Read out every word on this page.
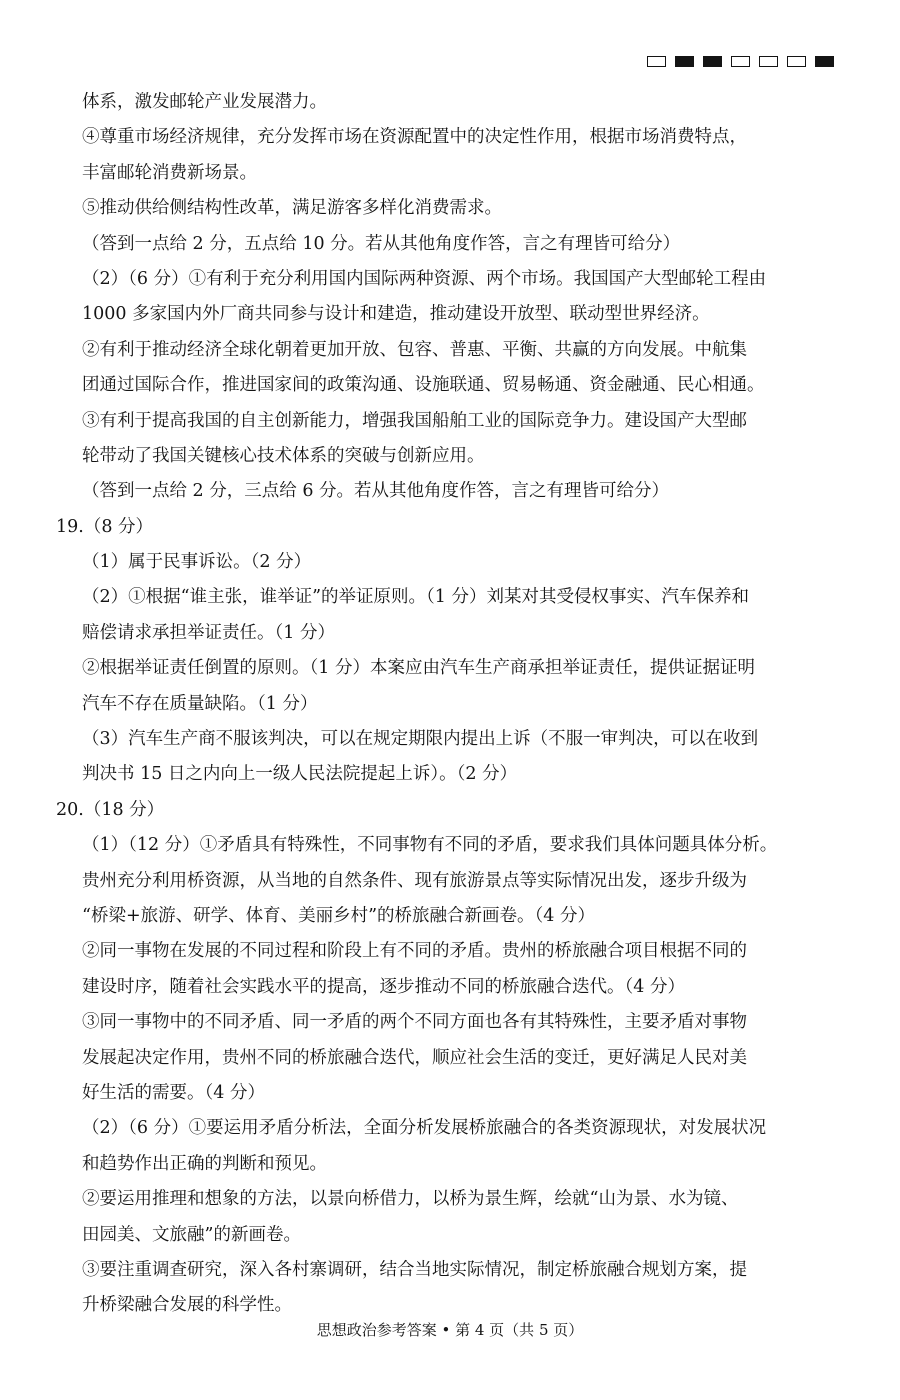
体系，激发邮轮产业发展潜力。
④尊重市场经济规律，充分发挥市场在资源配置中的决定性作用，根据市场消费特点，
丰富邮轮消费新场景。
⑤推动供给侧结构性改革，满足游客多样化消费需求。
（答到一点给 2 分，五点给 10 分。若从其他角度作答，言之有理皆可给分）
（2）（6 分）①有利于充分利用国内国际两种资源、两个市场。我国国产大型邮轮工程由
1000 多家国内外厂商共同参与设计和建造，推动建设开放型、联动型世界经济。
②有利于推动经济全球化朝着更加开放、包容、普惠、平衡、共赢的方向发展。中航集
团通过国际合作，推进国家间的政策沟通、设施联通、贸易畅通、资金融通、民心相通。
③有利于提高我国的自主创新能力，增强我国船舶工业的国际竞争力。建设国产大型邮
轮带动了我国关键核心技术体系的突破与创新应用。
（答到一点给 2 分，三点给 6 分。若从其他角度作答，言之有理皆可给分）
19.（8 分）
（1）属于民事诉讼。（2 分）
（2）①根据“谁主张，谁举证”的举证原则。（1 分）刘某对其受侵权事实、汽车保养和
赔偿请求承担举证责任。（1 分）
②根据举证责任倒置的原则。（1 分）本案应由汽车生产商承担举证责任，提供证据证明
汽车不存在质量缺陷。（1 分）
（3）汽车生产商不服该判决，可以在规定期限内提出上诉（不服一审判决，可以在收到
判决书 15 日之内向上一级人民法院提起上诉）。（2 分）
20.（18 分）
（1）（12 分）①矛盾具有特殊性，不同事物有不同的矛盾，要求我们具体问题具体分析。
贵州充分利用桥资源，从当地的自然条件、现有旅游景点等实际情况出发，逐步升级为
“桥梁+旅游、研学、体育、美丽乡村”的桥旅融合新画卷。（4 分）
②同一事物在发展的不同过程和阶段上有不同的矛盾。贵州的桥旅融合项目根据不同的
建设时序，随着社会实践水平的提高，逐步推动不同的桥旅融合迭代。（4 分）
③同一事物中的不同矛盾、同一矛盾的两个不同方面也各有其特殊性，主要矛盾对事物
发展起决定作用，贵州不同的桥旅融合迭代，顺应社会生活的变迁，更好满足人民对美
好生活的需要。（4 分）
（2）（6 分）①要运用矛盾分析法，全面分析发展桥旅融合的各类资源现状，对发展状况
和趋势作出正确的判断和预见。
②要运用推理和想象的方法，以景向桥借力，以桥为景生辉，绘就“山为景、水为镜、
田园美、文旅融”的新画卷。
③要注重调查研究，深入各村寨调研，结合当地实际情况，制定桥旅融合规划方案，提
升桥梁融合发展的科学性。
思想政治参考答案 • 第 4 页（共 5 页）
